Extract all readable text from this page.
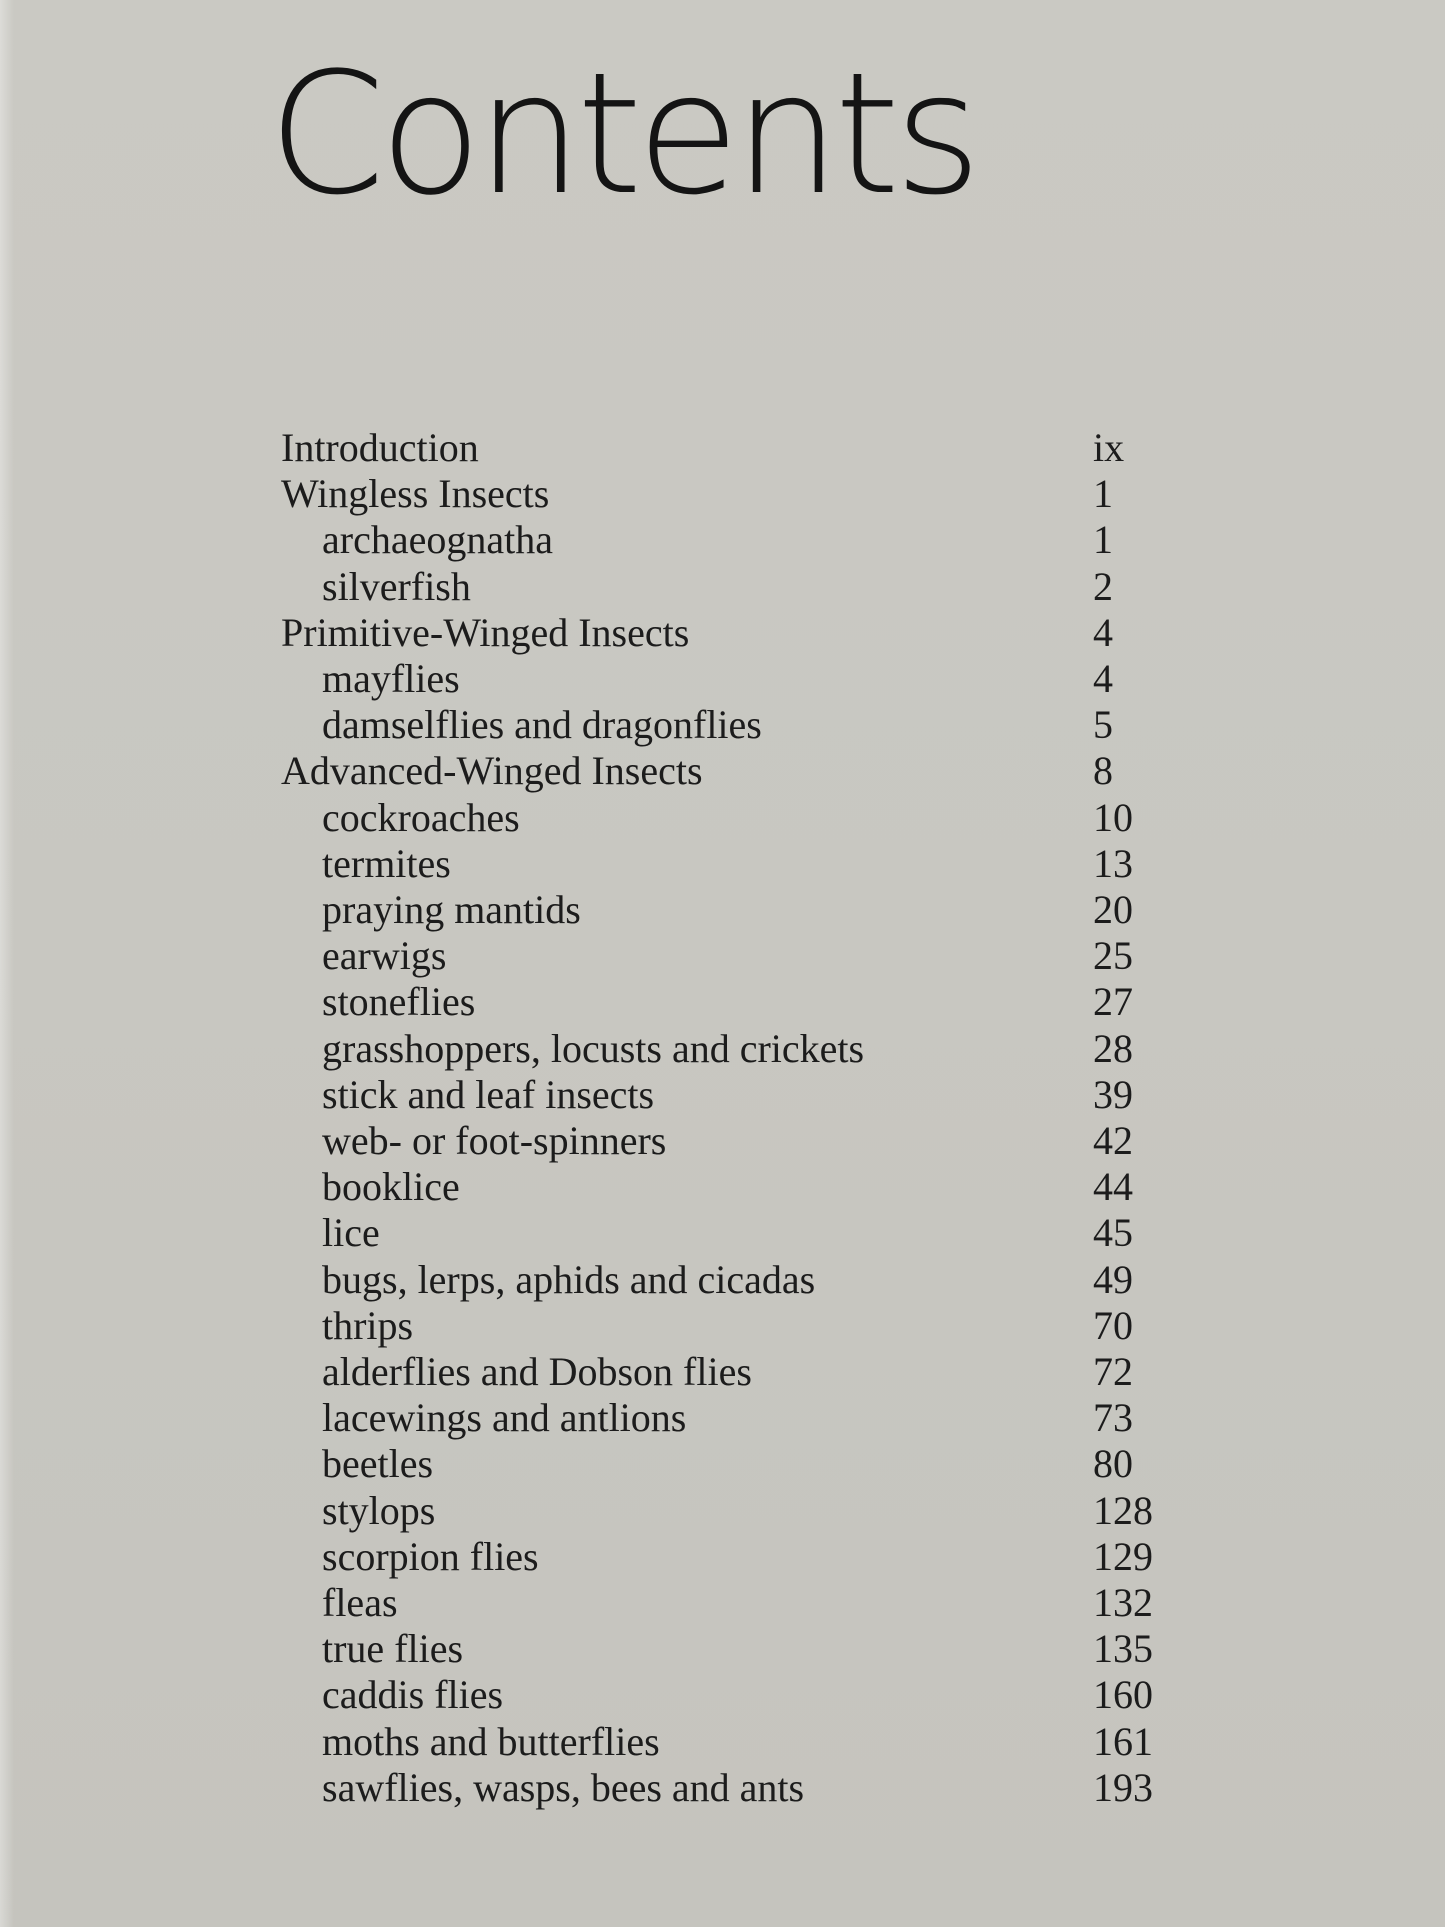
Contents
Introduction	ix
Wingless Insects	1
archaeognatha	1
silverfish	2
Primitive-Winged Insects	4
mayflies	4
damselflies and dragonflies	5
Advanced-Winged Insects	8
cockroaches	10
termites	13
praying mantids	20
earwigs	25
stoneflies	27
grasshoppers, locusts and crickets	28
stick and leaf insects	39
web- or foot-spinners	42
booklice	44
lice	45
bugs, lerps, aphids and cicadas	49
thrips	70
alderflies and Dobson flies	72
lacewings and antlions	73
beetles	80
stylops	128
scorpion flies	129
fleas	132
true flies	135
caddis flies	160
moths and butterflies	161
sawflies, wasps, bees and ants	193
